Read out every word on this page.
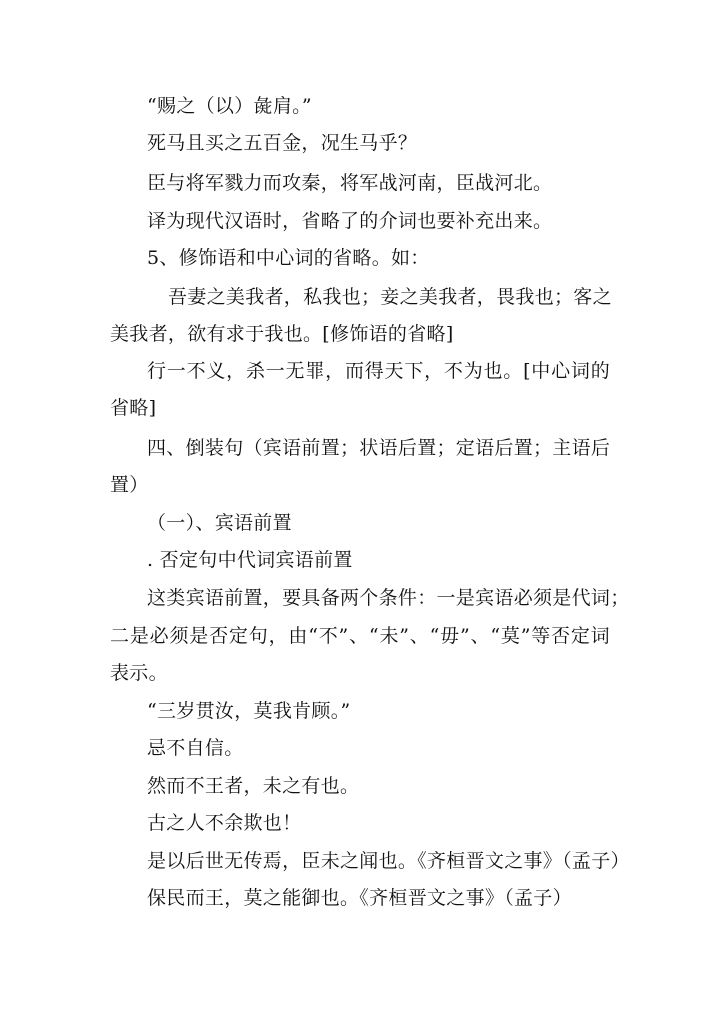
“赐之（以）彘肩。”
死马且买之五百金，况生马乎？
臣与将军戮力而攻秦，将军战河南，臣战河北。
译为现代汉语时，省略了的介词也要补充出来。
5、修饰语和中心词的省略。如：
吾妻之美我者，私我也；妾之美我者，畏我也；客之
美我者，欲有求于我也。[修饰语的省略]
行一不义，杀一无罪，而得天下，不为也。[中心词的
省略]
四、倒装句（宾语前置；状语后置；定语后置；主语后
置）
（一）、宾语前置
. 否定句中代词宾语前置
这类宾语前置，要具备两个条件：一是宾语必须是代词；
二是必须是否定句，由“不”、“未”、“毋”、“莫”等否定词
表示。
“三岁贯汝，莫我肯顾。”
忌不自信。
然而不王者，未之有也。
古之人不余欺也！
是以后世无传焉，臣未之闻也。《齐桓晋文之事》（孟子）
保民而王，莫之能御也。《齐桓晋文之事》（孟子）
